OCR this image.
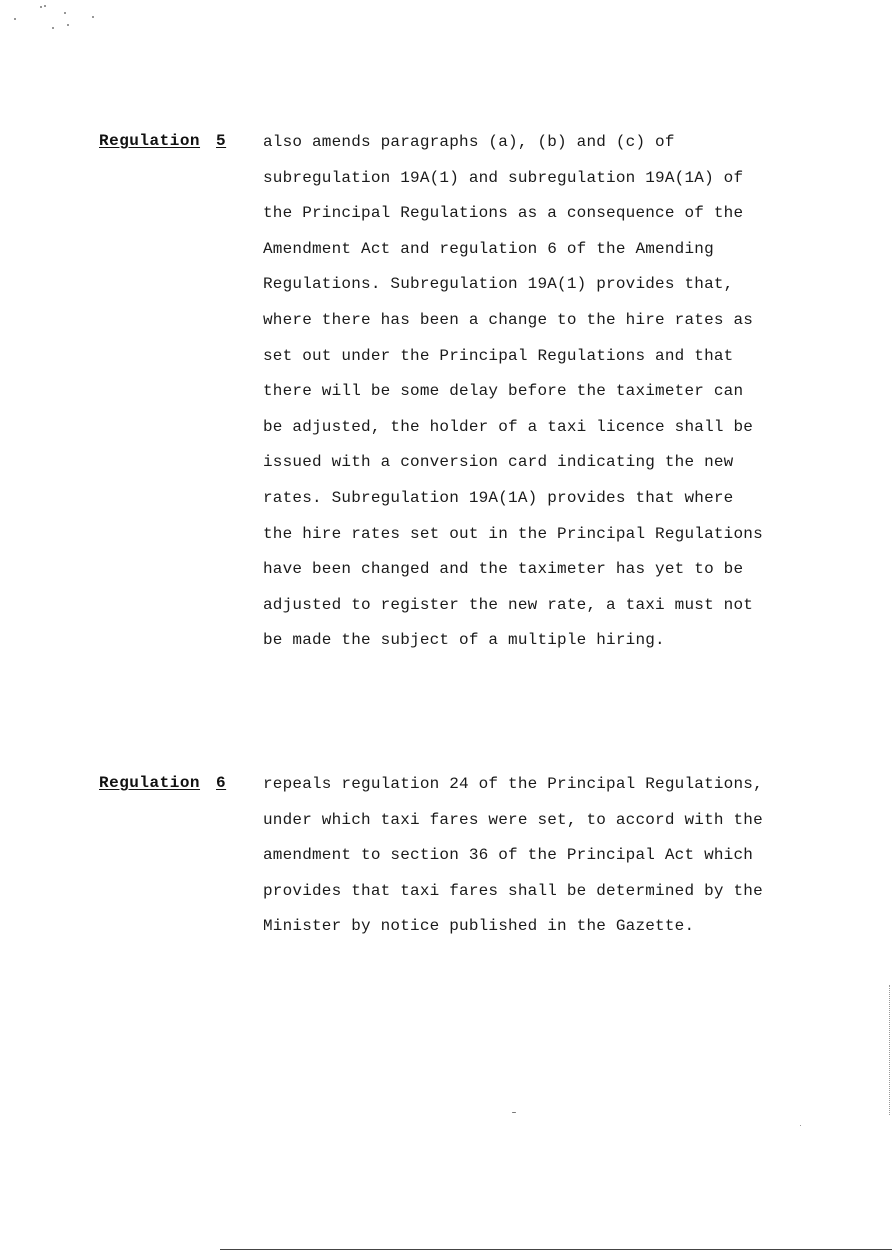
Regulation 5 also amends paragraphs (a), (b) and (c) of
subregulation 19A(1) and subregulation 19A(1A) of
the Principal Regulations as a consequence of the
Amendment Act and regulation 6 of the Amending
Regulations. Subregulation 19A(1) provides that,
where there has been a change to the hire rates as
set out under the Principal Regulations and that
there will be some delay before the taximeter can
be adjusted, the holder of a taxi licence shall be
issued with a conversion card indicating the new
rates. Subregulation 19A(1A) provides that where
the hire rates set out in the Principal Regulations
have been changed and the taximeter has yet to be
adjusted to register the new rate, a taxi must not
be made the subject of a multiple hiring.
Regulation 6 repeals regulation 24 of the Principal Regulations,
under which taxi fares were set, to accord with the
amendment to section 36 of the Principal Act which
provides that taxi fares shall be determined by the
Minister by notice published in the Gazette.
